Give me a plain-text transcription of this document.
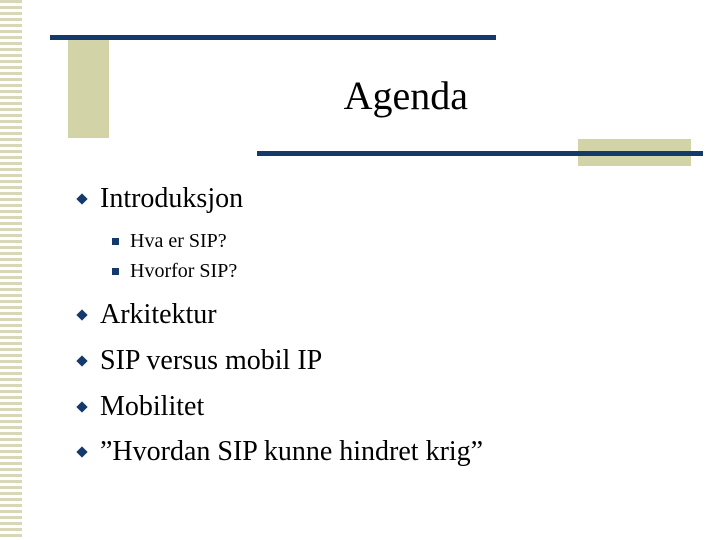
Agenda
Introduksjon
Hva er SIP?
Hvorfor SIP?
Arkitektur
SIP versus mobil IP
Mobilitet
”Hvordan SIP kunne hindret krig”
